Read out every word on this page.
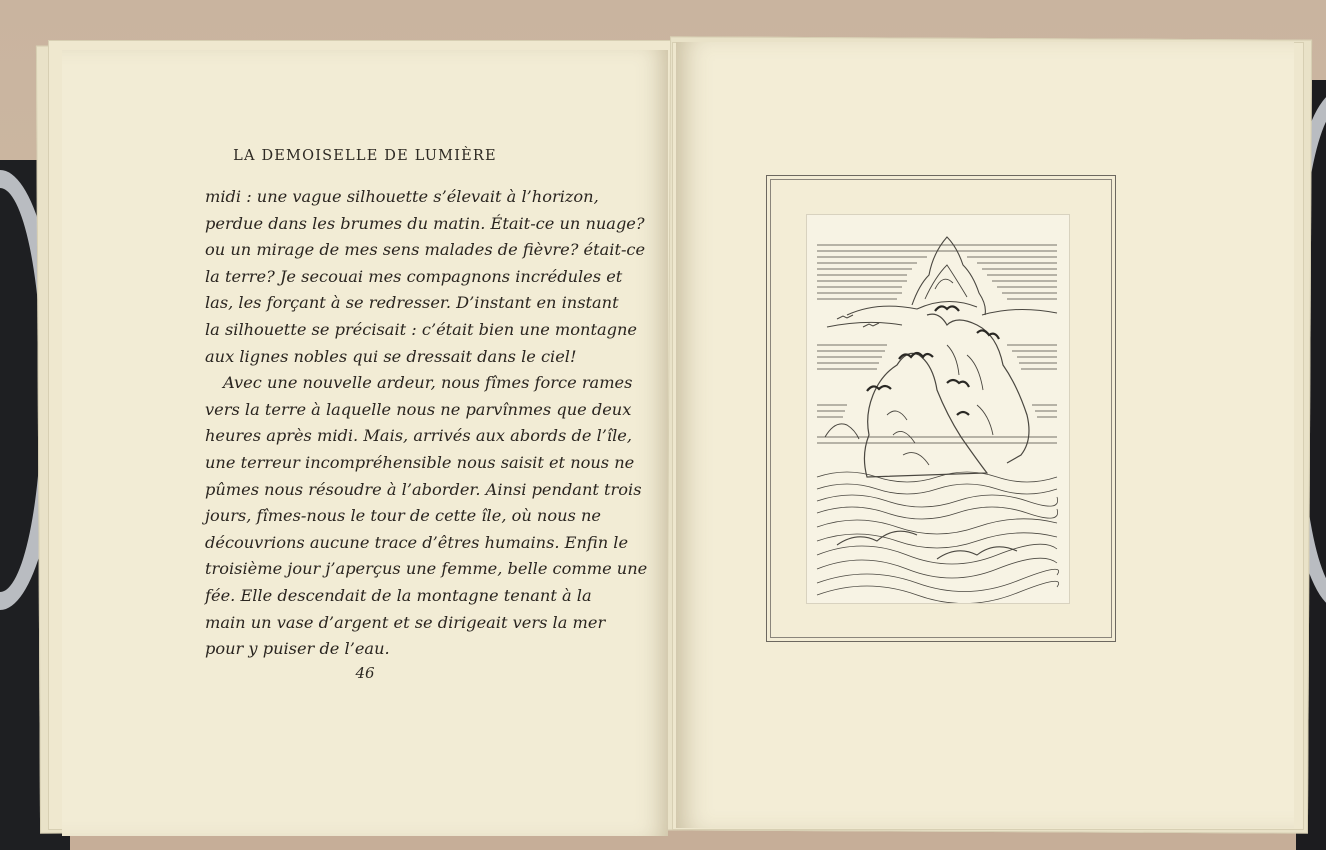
LA DEMOISELLE DE LUMIÈRE
midi : une vague silhouette s’élevait à l’horizon,
perdue dans les brumes du matin. Était-ce un nuage?
ou un mirage de mes sens malades de fièvre? était-ce
la terre? Je secouai mes compagnons incrédules et
las, les forçant à se redresser. D’instant en instant
la silhouette se précisait : c’était bien une montagne
aux lignes nobles qui se dressait dans le ciel!
Avec une nouvelle ardeur, nous fîmes force rames
vers la terre à laquelle nous ne parvînmes que deux
heures après midi. Mais, arrivés aux abords de l’île,
une terreur incompréhensible nous saisit et nous ne
pûmes nous résoudre à l’aborder. Ainsi pendant trois
jours, fîmes-nous le tour de cette île, où nous ne
découvrions aucune trace d’êtres humains. Enfin le
troisième jour j’aperçus une femme, belle comme une
fée. Elle descendait de la montagne tenant à la
main un vase d’argent et se dirigeait vers la mer
pour y puiser de l’eau.
46
